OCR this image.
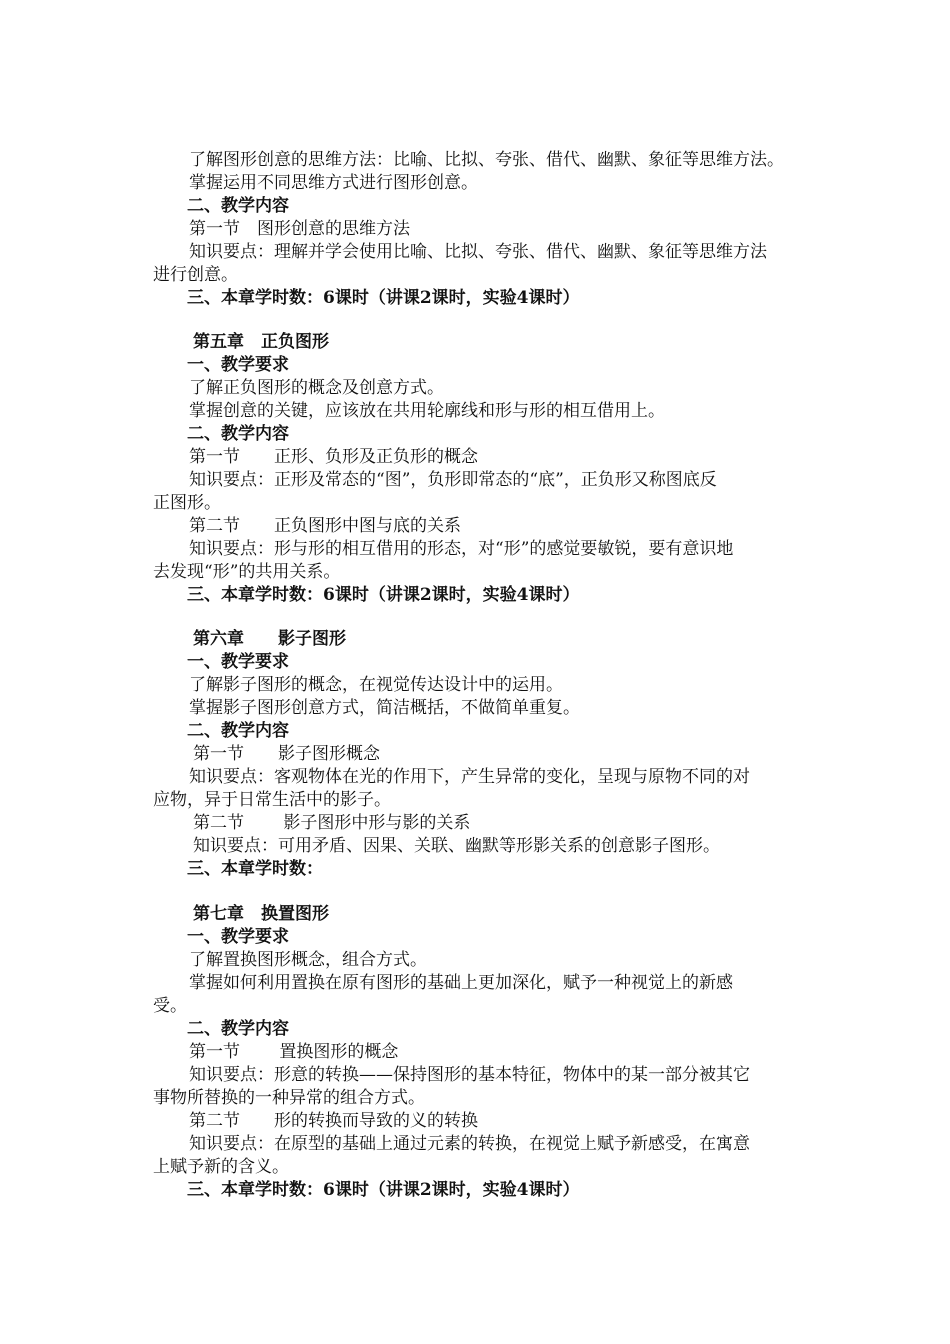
了解图形创意的思维方法：比喻、比拟、夸张、借代、幽默、象征等思维方法。
掌握运用不同思维方式进行图形创意。
二、教学内容
第一节　图形创意的思维方法
知识要点：理解并学会使用比喻、比拟、夸张、借代、幽默、象征等思维方法
进行创意。
三、本章学时数：6课时（讲课2课时，实验4课时）
第五章　正负图形
一、教学要求
了解正负图形的概念及创意方式。
掌握创意的关键，应该放在共用轮廓线和形与形的相互借用上。
二、教学内容
第一节　　正形、负形及正负形的概念
知识要点：正形及常态的“图”，负形即常态的“底”，正负形又称图底反
正图形。
第二节　　正负图形中图与底的关系
知识要点：形与形的相互借用的形态，对“形”的感觉要敏锐，要有意识地
去发现“形”的共用关系。
三、本章学时数：6课时（讲课2课时，实验4课时）
第六章　　影子图形
一、教学要求
了解影子图形的概念，在视觉传达设计中的运用。
掌握影子图形创意方式，简洁概括，不做简单重复。
二、教学内容
第一节　　影子图形概念
知识要点：客观物体在光的作用下，产生异常的变化，呈现与原物不同的对
应物，异于日常生活中的影子。
第二节　　 影子图形中形与影的关系
知识要点：可用矛盾、因果、关联、幽默等形影关系的创意影子图形。
三、本章学时数：
第七章　换置图形
一、教学要求
了解置换图形概念，组合方式。
掌握如何利用置换在原有图形的基础上更加深化，赋予一种视觉上的新感
受。
二、教学内容
第一节　　 置换图形的概念
知识要点：形意的转换——保持图形的基本特征，物体中的某一部分被其它
事物所替换的一种异常的组合方式。
第二节　　形的转换而导致的义的转换
知识要点：在原型的基础上通过元素的转换，在视觉上赋予新感受，在寓意
上赋予新的含义。
三、本章学时数：6课时（讲课2课时，实验4课时）
